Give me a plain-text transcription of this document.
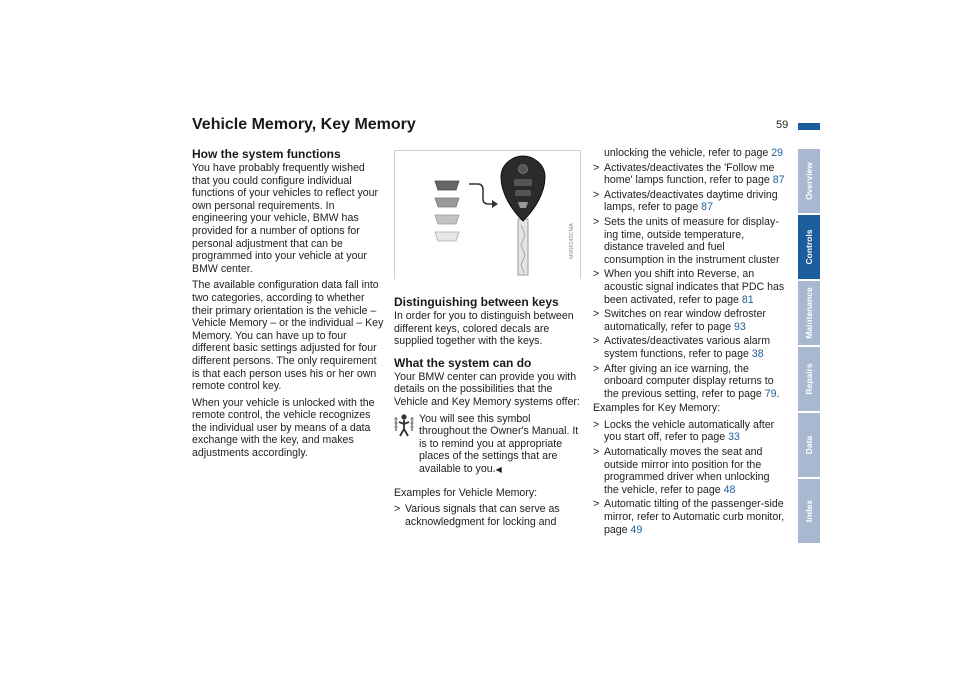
Vehicle Memory, Key Memory	59
How the system functions

You have probably frequently wished that you could configure individual functions of your vehicles to reflect your own personal requirements. In engineering your vehicle, BMW has provided for a number of options for personal adjustment that can be programmed into your vehicle at your BMW center.

The available configuration data fall into two categories, according to whether their primary orientation is the vehicle – Vehicle Memory – or the individual – Key Memory. You can have up to four different basic settings adjusted for four different persons. The only requirement is that each person uses his or her own remote control key.

When your vehicle is unlocked with the remote control, the vehicle recognizes the individual user by means of a data exchange with the key, and makes adjustments accordingly.

MV09145CMA
Distinguishing between keys

In order for you to distinguish between different keys, colored decals are supplied together with the keys.

What the system can do

Your BMW center can provide you with details on the possibilities that the Vehicle and Key Memory systems offer:

You will see this symbol throughout the Owner's Manual. It is to remind you at appropriate places of the settings that are available to you.◀

Examples for Vehicle Memory:

> Various signals that can serve as acknowledgment for locking and
unlocking the vehicle, refer to page 29
> Activates/deactivates the 'Follow me home' lamps function, refer to page 87
> Activates/deactivates daytime driving lamps, refer to page 87
> Sets the units of measure for display-ing time, outside temperature, distance traveled and fuel consumption in the instrument cluster
> When you shift into Reverse, an acoustic signal indicates that PDC has been activated, refer to page 81
> Switches on rear window defroster automatically, refer to page 93
> Activates/deactivates various alarm system functions, refer to page 38
> After giving an ice warning, the onboard computer display returns to the previous setting, refer to page 79.

Examples for Key Memory:

> Locks the vehicle automatically after you start off, refer to page 33
> Automatically moves the seat and outside mirror into position for the programmed driver when unlocking the vehicle, refer to page 48
> Automatic tilting of the passenger-side mirror, refer to Automatic curb monitor, page 49
Overview
Controls
Maintenance
Repairs
Data
Index
